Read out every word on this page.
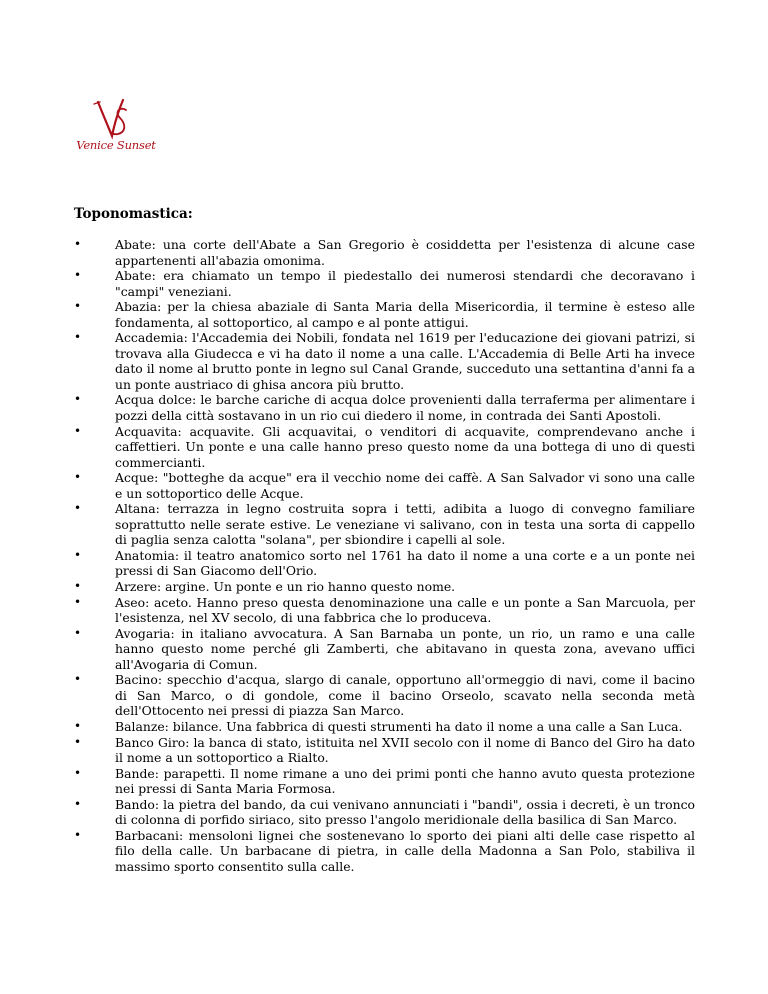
Venice Sunset
Toponomastica:
•	Abate: una corte dell'Abate a San Gregorio è cosiddetta per l'esistenza di alcune case appartenenti all'abazia omonima.
•	Abate: era chiamato un tempo il piedestallo dei numerosi stendardi che decoravano i "campi" veneziani.
•	Abazia: per la chiesa abaziale di Santa Maria della Misericordia, il termine è esteso alle fondamenta, al sottoportico, al campo e al ponte attigui.
•	Accademia: l'Accademia dei Nobili, fondata nel 1619 per l'educazione dei giovani patrizi, si trovava alla Giudecca e vi ha dato il nome a una calle. L'Accademia di Belle Arti ha invece dato il nome al brutto ponte in legno sul Canal Grande, succeduto una settantina d'anni fa a un ponte austriaco di ghisa ancora più brutto.
•	Acqua dolce: le barche cariche di acqua dolce provenienti dalla terraferma per alimentare i pozzi della città sostavano in un rio cui diedero il nome, in contrada dei Santi Apostoli.
•	Acquavita: acquavite. Gli acquavitai, o venditori di acquavite, comprendevano anche i caffettieri. Un ponte e una calle hanno preso questo nome da una bottega di uno di questi commercianti.
•	Acque: "botteghe da acque" era il vecchio nome dei caffè. A San Salvador vi sono una calle e un sottoportico delle Acque.
•	Altana: terrazza in legno costruita sopra i tetti, adibita a luogo di convegno familiare soprattutto nelle serate estive. Le veneziane vi salivano, con in testa una sorta di cappello di paglia senza calotta "solana", per sbiondire i capelli al sole.
•	Anatomia: il teatro anatomico sorto nel 1761 ha dato il nome a una corte e a un ponte nei pressi di San Giacomo dell'Orio.
•	Arzere: argine. Un ponte e un rio hanno questo nome.
•	Aseo: aceto. Hanno preso questa denominazione una calle e un ponte a San Marcuola, per l'esistenza, nel XV secolo, di una fabbrica che lo produceva.
•	Avogaria: in italiano avvocatura. A San Barnaba un ponte, un rio, un ramo e una calle hanno questo nome perché gli Zamberti, che abitavano in questa zona, avevano uffici all'Avogaria di Comun.
•	Bacino: specchio d'acqua, slargo di canale, opportuno all'ormeggio di navi, come il bacino di San Marco, o di gondole, come il bacino Orseolo, scavato nella seconda metà dell'Ottocento nei pressi di piazza San Marco.
•	Balanze: bilance. Una fabbrica di questi strumenti ha dato il nome a una calle a San Luca.
•	Banco Giro: la banca di stato, istituita nel XVII secolo con il nome di Banco del Giro ha dato il nome a un sottoportico a Rialto.
•	Bande: parapetti. Il nome rimane a uno dei primi ponti che hanno avuto questa protezione nei pressi di Santa Maria Formosa.
•	Bando: la pietra del bando, da cui venivano annunciati i "bandi", ossia i decreti, è un tronco di colonna di porfido siriaco, sito presso l'angolo meridionale della basilica di San Marco.
•	Barbacani: mensoloni lignei che sostenevano lo sporto dei piani alti delle case rispetto al filo della calle. Un barbacane di pietra, in calle della Madonna a San Polo, stabiliva il massimo sporto consentito sulla calle.
